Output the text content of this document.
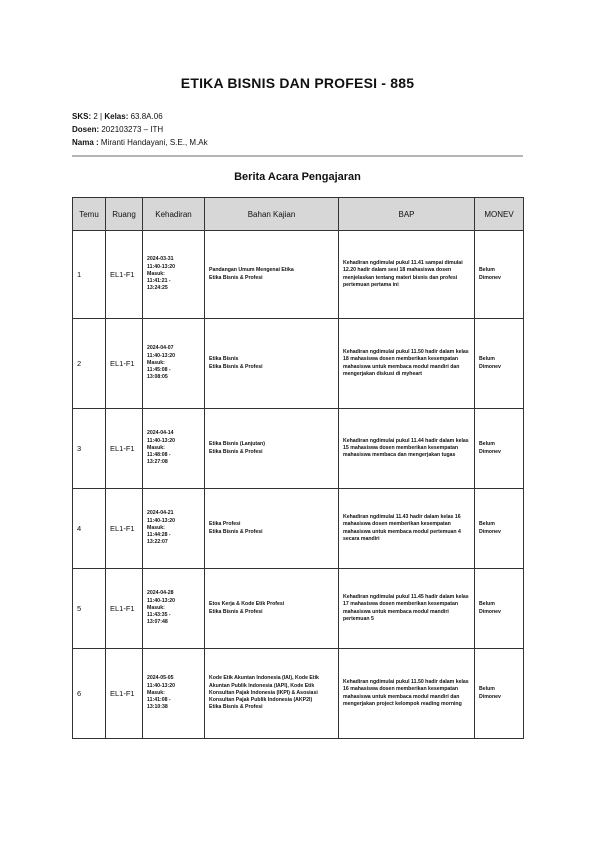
ETIKA BISNIS DAN PROFESI - 885
SKS: 2 | Kelas: 63.8A.06
Dosen: 202103273 – ITH
Nama : Miranti Handayani, S.E., M.Ak
Berita Acara Pengajaran
Temu	Ruang	Kehadiran	Bahan Kajian	BAP	MONEV
1	EL1-F1	2024-03-31
11:40-13:20
Masuk:
11:41:21 -
13:24:25	Pandangan Umum Mengenai Etika
Etika Bisnis & Profesi	Kehadiran ngdimulai pukul 11.41 sampai dimulai 12.20 hadir dalam sesi 18 mahasiswa dosen menjelaskan tentang materi bisnis dan profesi pertemuan pertama ini	Belum
Dimonev

2	EL1-F1	2024-04-07
11:40-13:20
Masuk:
11:45:08 -
13:08:05	Etika Bisnis
Etika Bisnis & Profesi	Kehadiran ngdimulai pukul 11.50 hadir dalam kelas 18 mahasiswa dosen memberikan kesempatan mahasiswa untuk membaca modul mandiri dan mengerjakan diskusi di myheart	Belum
Dimonev

3	EL1-F1	2024-04-14
11:40-13:20
Masuk:
11:48:08 -
13:27:08	Etika Bisnis (Lanjutan)
Etika Bisnis & Profesi	Kehadiran ngdimulai pukul 11.44 hadir dalam kelas 15 mahasiswa dosen memberikan kesempatan mahasiswa membaca dan mengerjakan tugas	Belum
Dimonev

4	EL1-F1	2024-04-21
11:40-13:20
Masuk:
11:44:28 -
13:22:07	Etika Profesi
Etika Bisnis & Profesi	Kehadiran ngdimulai 11.43 hadir dalam kelas 16 mahasiswa dosen memberikan kesempatan mahasiswa untuk membaca modul pertemuan 4 secara mandiri	Belum
Dimonev

5	EL1-F1	2024-04-28
11:40-13:20
Masuk:
11:43:35 -
13:07:48	Etos Kerja & Kode Etik Profesi
Etika Bisnis & Profesi	Kehadiran ngdimulai pukul 11.45 hadir dalam kelas 17 mahasiswa dosen memberikan kesempatan mahasiswa untuk membaca modul mandiri pertemuan 5	Belum
Dimonev

6	EL1-F1	2024-05-05
11:40-13:20
Masuk:
11:41:08 -
13:10:38	Kode Etik Akuntan Indonesia (IAI), Kode Etik Akuntan Publik Indonesia (IAPI), Kode Etik Konsultan Pajak Indonesia (IKPI) & Asosiasi Konsultan Pajak Publik Indonesia (AKP2I)
Etika Bisnis & Profesi	Kehadiran ngdimulai pukul 11.50 hadir dalam kelas 16 mahasiswa dosen memberikan kesempatan mahasiswa untuk membaca modul mandiri dan mengerjakan project kelompok reading morning	Belum
Dimonev
